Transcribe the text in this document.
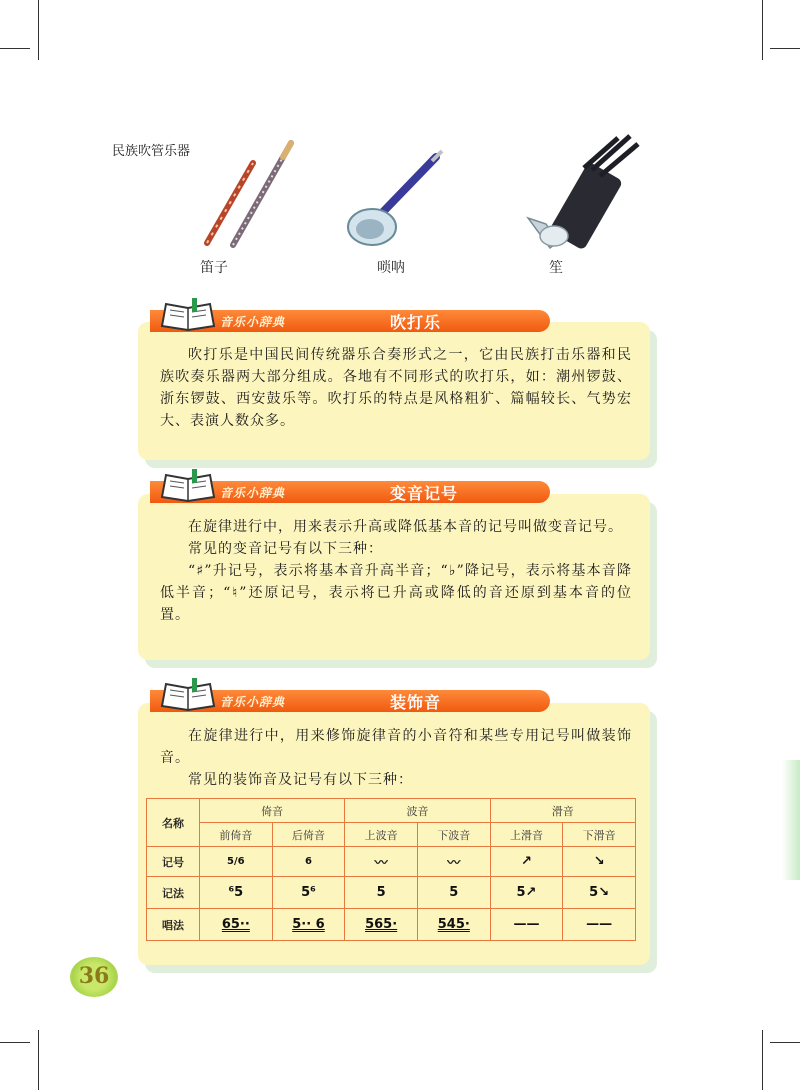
民族吹管乐器
笛子	唢呐	笙

吹打乐是中国民间传统器乐合奏形式之一，它由民族打击乐器和民族吹奏乐器两大部分组成。各地有不同形式的吹打乐，如：潮州锣鼓、浙东锣鼓、西安鼓乐等。吹打乐的特点是风格粗犷、篇幅较长、气势宏大、表演人数众多。

音乐小辞典	吹打乐

在旋律进行中，用来表示升高或降低基本音的记号叫做变音记号。

常见的变音记号有以下三种：

“♯”升记号，表示将基本音升高半音；“♭”降记号，表示将基本音降低半音；“♮”还原记号，表示将已升高或降低的音还原到基本音的位置。

音乐小辞典	变音记号

在旋律进行中，用来修饰旋律音的小音符和某些专用记号叫做装饰音。

常见的装饰音及记号有以下三种：

音乐小辞典	装饰音
名称	倚音		波音		滑音	
	前倚音	后倚音	上波音	下波音	上滑音	下滑音
记号	5/6	6	〰	〰	↗	↘
记法	⁶5	5⁶	5	5	5↗	5↘
唱法	65··	5·· 6	565·	545·	——	——
36
